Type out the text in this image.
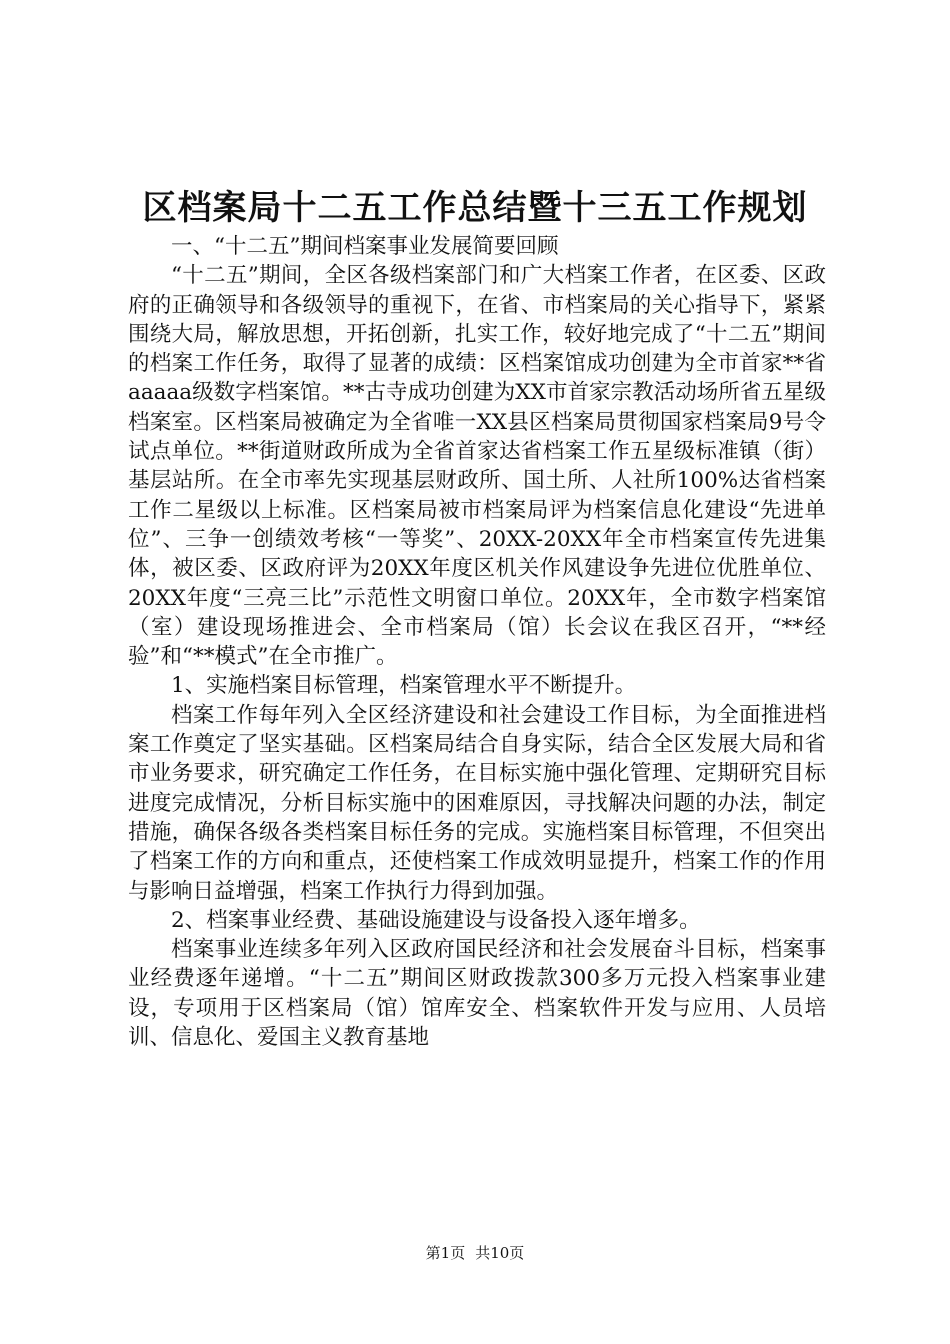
区档案局十二五工作总结暨十三五工作规划

一、“十二五”期间档案事业发展简要回顾

“十二五”期间，全区各级档案部门和广大档案工作者，在区委、区政府的正确领导和各级领导的重视下，在省、市档案局的关心指导下，紧紧围绕大局，解放思想，开拓创新，扎实工作，较好地完成了“十二五”期间的档案工作任务，取得了显著的成绩：区档案馆成功创建为全市首家**省aaaaa级数字档案馆。**古寺成功创建为XX市首家宗教活动场所省五星级档案室。区档案局被确定为全省唯一XX县区档案局贯彻国家档案局9号令试点单位。**街道财政所成为全省首家达省档案工作五星级标准镇（街）基层站所。在全市率先实现基层财政所、国土所、人社所100%达省档案工作二星级以上标准。区档案局被市档案局评为档案信息化建设“先进单位”、三争一创绩效考核“一等奖”、20XX-20XX年全市档案宣传先进集体，被区委、区政府评为20XX年度区机关作风建设争先进位优胜单位、20XX年度“三亮三比”示范性文明窗口单位。20XX年，全市数字档案馆（室）建设现场推进会、全市档案局（馆）长会议在我区召开，“**经验”和“**模式”在全市推广。

1、实施档案目标管理，档案管理水平不断提升。

档案工作每年列入全区经济建设和社会建设工作目标，为全面推进档案工作奠定了坚实基础。区档案局结合自身实际，结合全区发展大局和省市业务要求，研究确定工作任务，在目标实施中强化管理、定期研究目标进度完成情况，分析目标实施中的困难原因，寻找解决问题的办法，制定措施，确保各级各类档案目标任务的完成。实施档案目标管理，不但突出了档案工作的方向和重点，还使档案工作成效明显提升，档案工作的作用与影响日益增强，档案工作执行力得到加强。

2、档案事业经费、基础设施建设与设备投入逐年增多。

档案事业连续多年列入区政府国民经济和社会发展奋斗目标，档案事业经费逐年递增。“十二五”期间区财政拨款300多万元投入档案事业建设，专项用于区档案局（馆）馆库安全、档案软件开发与应用、人员培训、信息化、爱国主义教育基地

第1页 共10页
